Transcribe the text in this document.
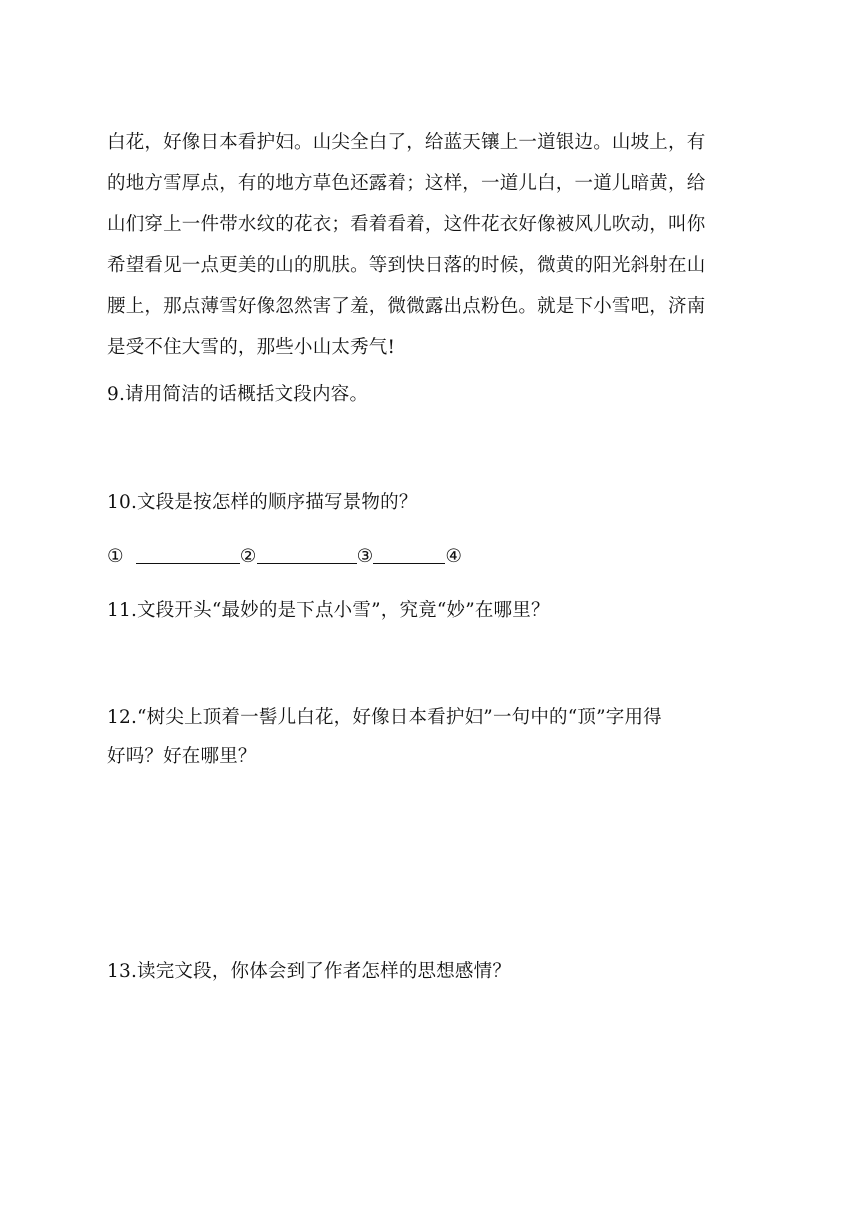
白花，好像日本看护妇。山尖全白了，给蓝天镶上一道银边。山坡上，有
的地方雪厚点，有的地方草色还露着；这样，一道儿白，一道儿暗黄，给
山们穿上一件带水纹的花衣；看着看着，这件花衣好像被风儿吹动，叫你
希望看见一点更美的山的肌肤。等到快日落的时候，微黄的阳光斜射在山
腰上，那点薄雪好像忽然害了羞，微微露出点粉色。就是下小雪吧，济南
是受不住大雪的，那些小山太秀气!
9.请用简洁的话概括文段内容。
10.文段是按怎样的顺序描写景物的？
①	②	③	④
11.文段开头“最妙的是下点小雪”，究竟“妙”在哪里？
12.“树尖上顶着一髻儿白花，好像日本看护妇”一句中的“顶”字用得
好吗？好在哪里？
13.读完文段，你体会到了作者怎样的思想感情？
